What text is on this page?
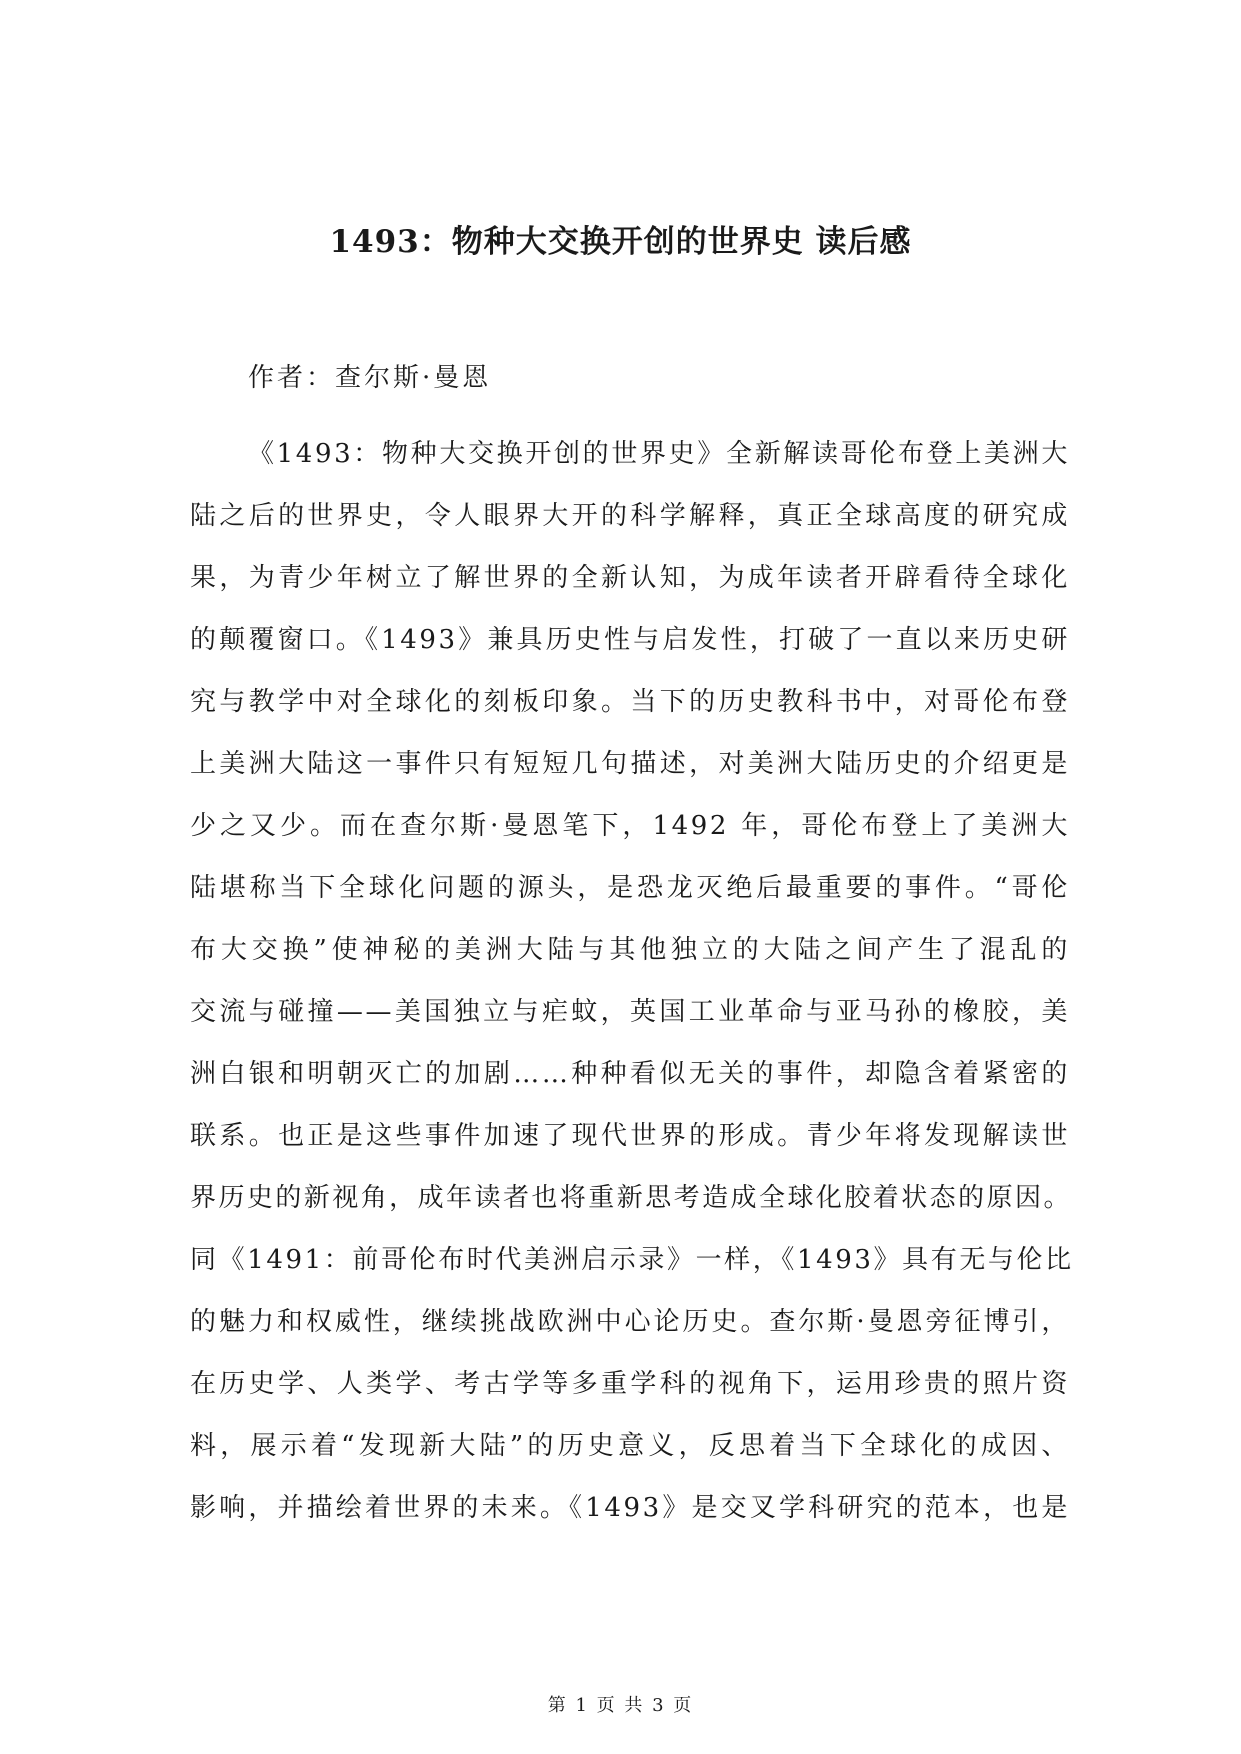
1493：物种大交换开创的世界史 读后感

作者：查尔斯·曼恩

《1493：物种大交换开创的世界史》全新解读哥伦布登上美洲大
陆之后的世界史，令人眼界大开的科学解释，真正全球高度的研究成
果，为青少年树立了解世界的全新认知，为成年读者开辟看待全球化
的颠覆窗口。《1493》兼具历史性与启发性，打破了一直以来历史研
究与教学中对全球化的刻板印象。当下的历史教科书中，对哥伦布登
上美洲大陆这一事件只有短短几句描述，对美洲大陆历史的介绍更是
少之又少。而在查尔斯·曼恩笔下，1492 年，哥伦布登上了美洲大
陆堪称当下全球化问题的源头，是恐龙灭绝后最重要的事件。“哥伦
布大交换”使神秘的美洲大陆与其他独立的大陆之间产生了混乱的
交流与碰撞——美国独立与疟蚊，英国工业革命与亚马孙的橡胶，美
洲白银和明朝灭亡的加剧……种种看似无关的事件，却隐含着紧密的
联系。也正是这些事件加速了现代世界的形成。青少年将发现解读世
界历史的新视角，成年读者也将重新思考造成全球化胶着状态的原因。
同《1491：前哥伦布时代美洲启示录》一样，《1493》具有无与伦比
的魅力和权威性，继续挑战欧洲中心论历史。查尔斯·曼恩旁征博引，
在历史学、人类学、考古学等多重学科的视角下，运用珍贵的照片资
料，展示着“发现新大陆”的历史意义，反思着当下全球化的成因、
影响，并描绘着世界的未来。《1493》是交叉学科研究的范本，也是

第 1 页 共 3 页
